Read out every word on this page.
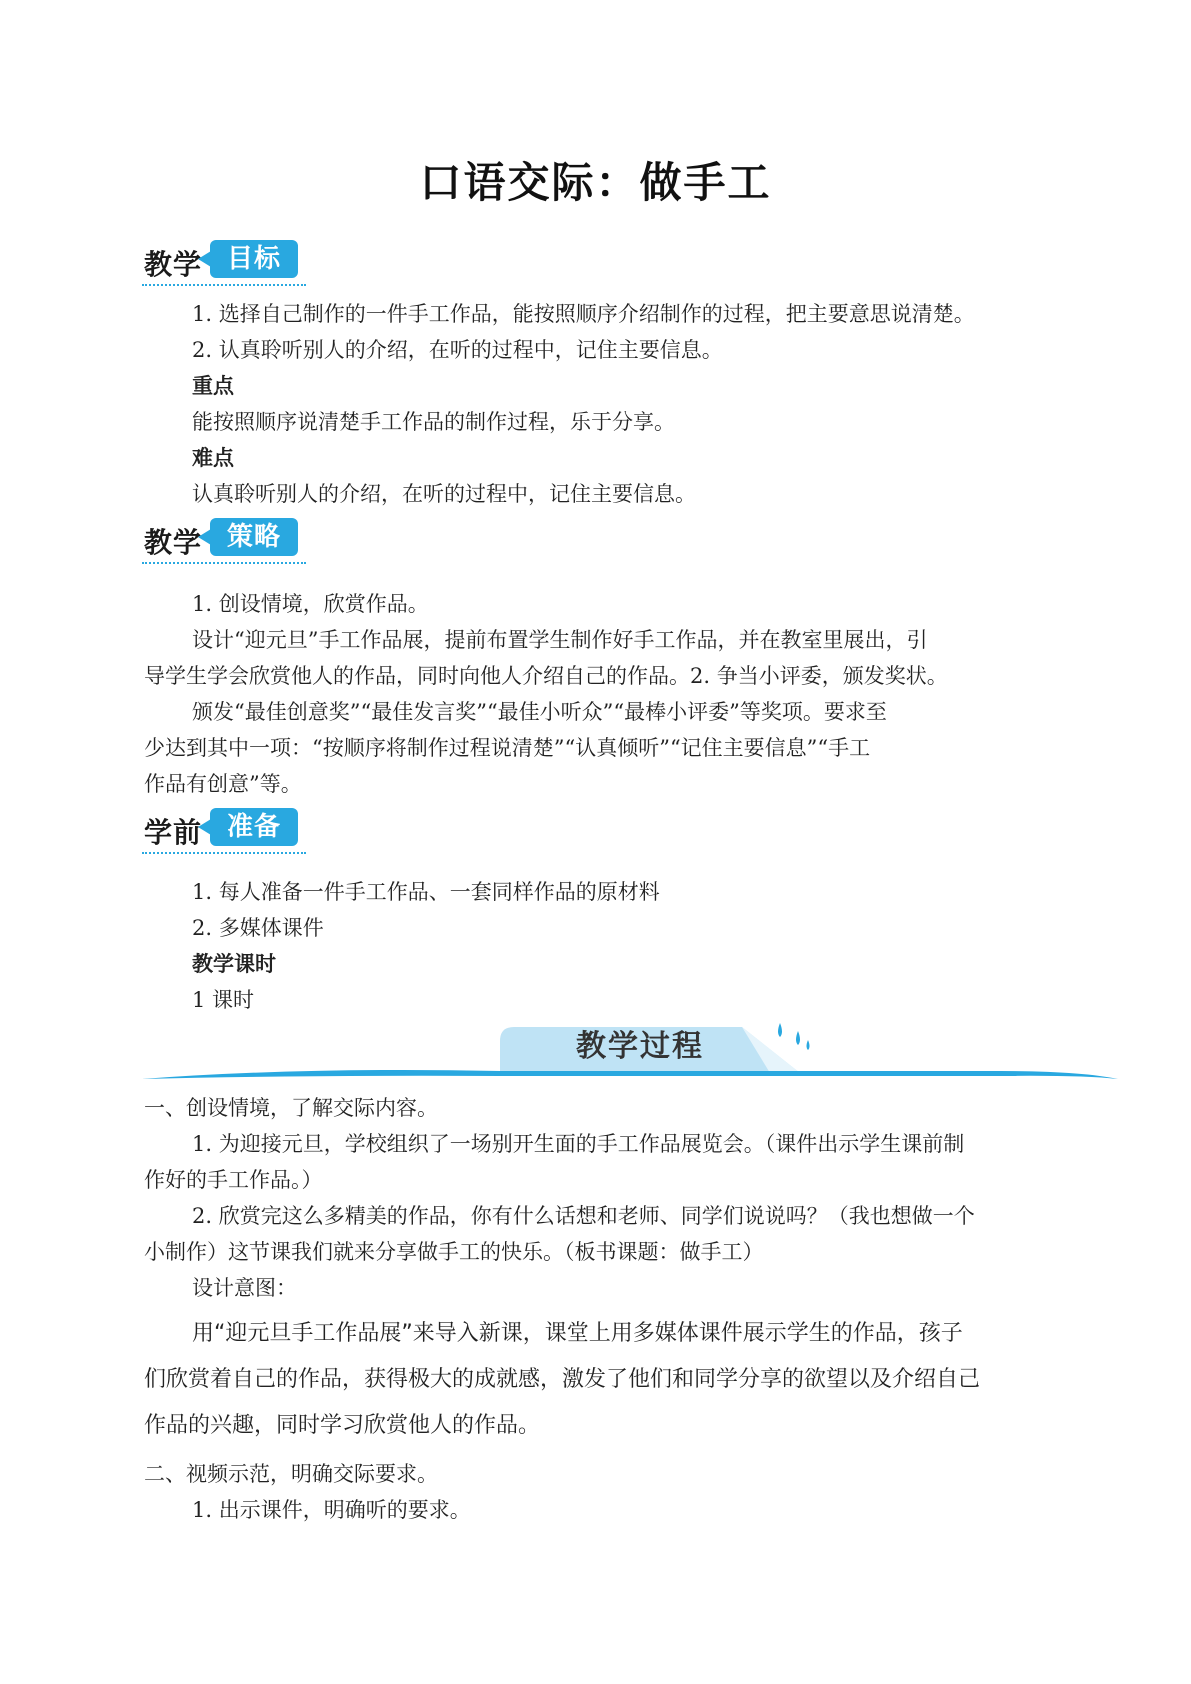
口语交际：做手工
教学 目标
1. 选择自己制作的一件手工作品，能按照顺序介绍制作的过程，把主要意思说清楚。
2. 认真聆听别人的介绍，在听的过程中，记住主要信息。
重点
能按照顺序说清楚手工作品的制作过程，乐于分享。
难点
认真聆听别人的介绍，在听的过程中，记住主要信息。
教学 策略
1. 创设情境，欣赏作品。
设计“迎元旦”手工作品展，提前布置学生制作好手工作品，并在教室里展出，引
导学生学会欣赏他人的作品，同时向他人介绍自己的作品。2. 争当小评委，颁发奖状。
颁发“最佳创意奖”“最佳发言奖”“最佳小听众”“最棒小评委”等奖项。要求至
少达到其中一项：“按顺序将制作过程说清楚”“认真倾听”“记住主要信息”“手工
作品有创意”等。
学前 准备
1. 每人准备一件手工作品、一套同样作品的原材料
2. 多媒体课件
教学课时
1 课时
教学过程
一、创设情境，了解交际内容。
1. 为迎接元旦，学校组织了一场别开生面的手工作品展览会。（课件出示学生课前制
作好的手工作品。）
2. 欣赏完这么多精美的作品，你有什么话想和老师、同学们说说吗？（我也想做一个
小制作）这节课我们就来分享做手工的快乐。（板书课题：做手工）
设计意图：
用“迎元旦手工作品展”来导入新课，课堂上用多媒体课件展示学生的作品，孩子
们欣赏着自己的作品，获得极大的成就感，激发了他们和同学分享的欲望以及介绍自己
作品的兴趣，同时学习欣赏他人的作品。
二、视频示范，明确交际要求。
1. 出示课件，明确听的要求。
